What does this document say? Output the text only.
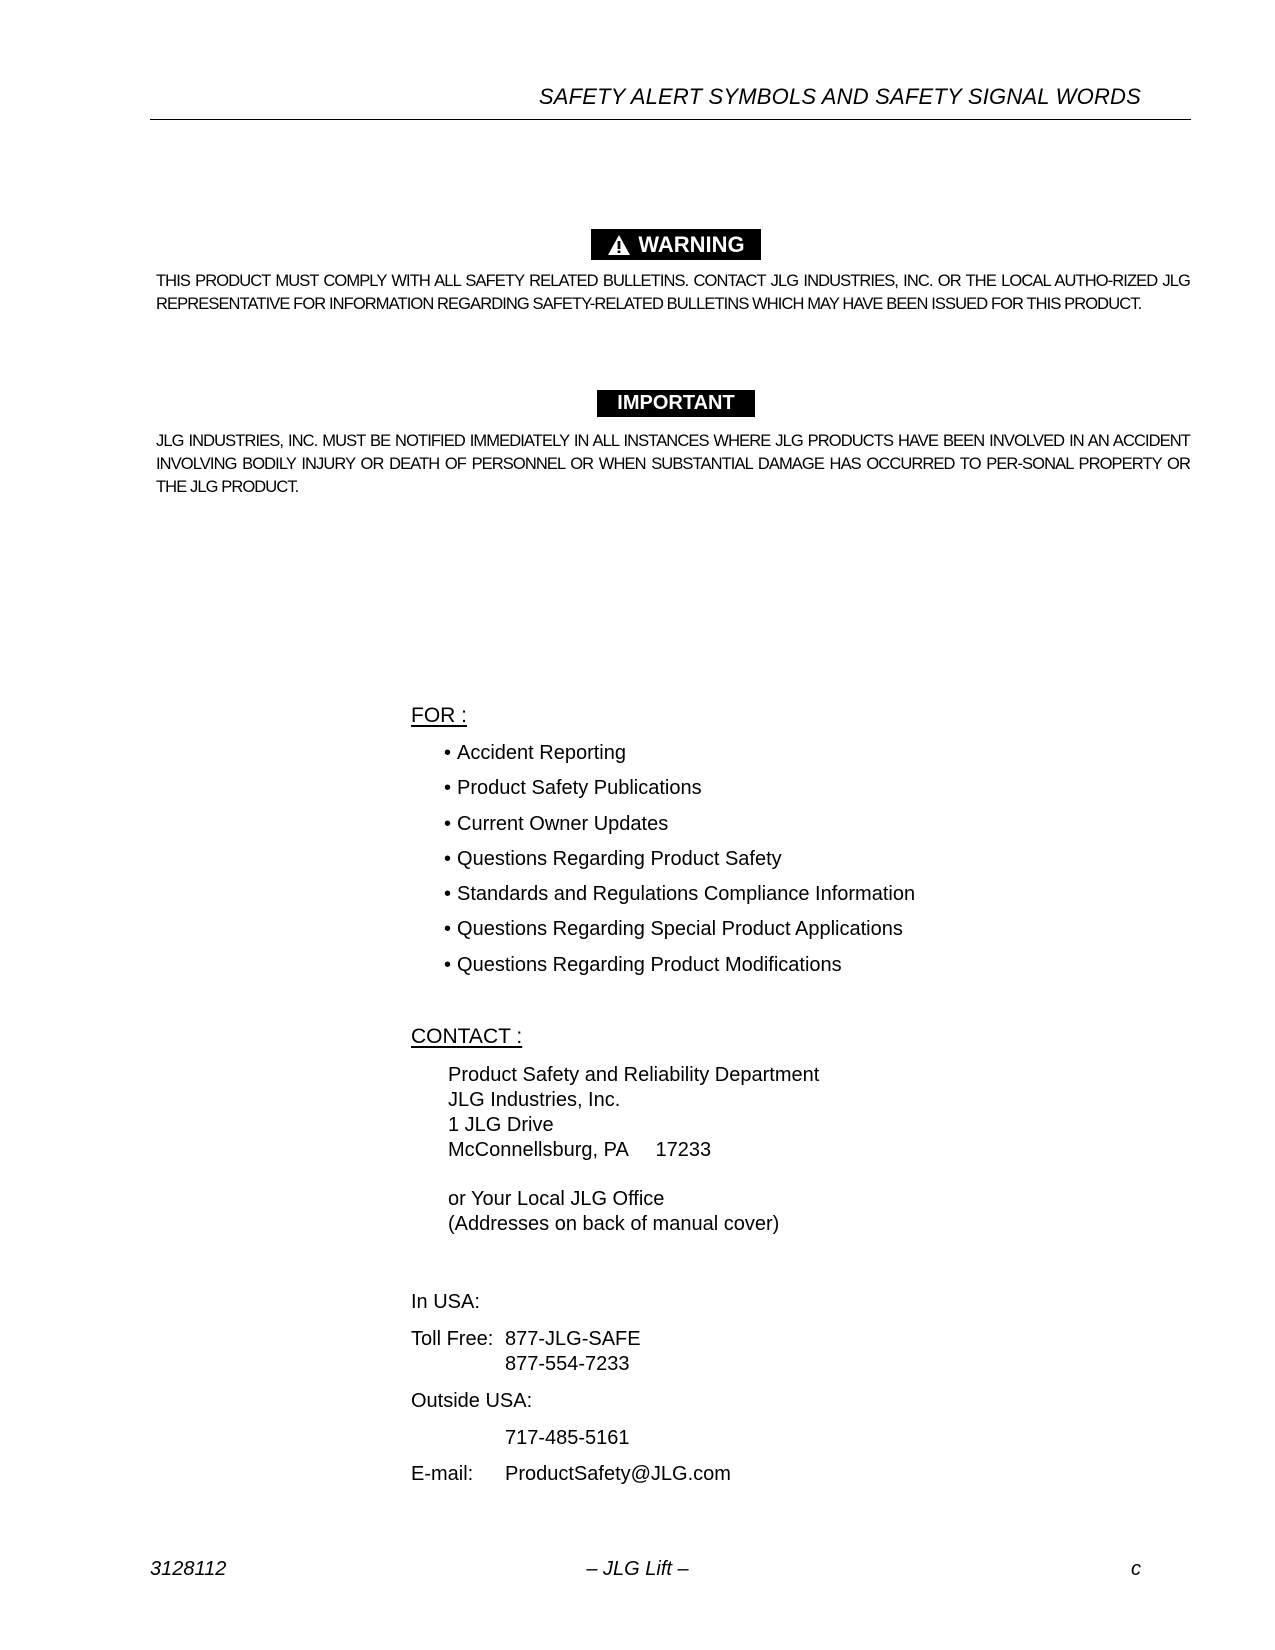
SAFETY ALERT SYMBOLS AND SAFETY SIGNAL WORDS
WARNING

THIS PRODUCT MUST COMPLY WITH ALL SAFETY RELATED BULLETINS. CONTACT JLG INDUSTRIES, INC. OR THE LOCAL AUTHO-RIZED JLG REPRESENTATIVE FOR INFORMATION REGARDING SAFETY-RELATED BULLETINS WHICH MAY HAVE BEEN ISSUED FOR THIS PRODUCT.

IMPORTANT

JLG INDUSTRIES, INC. MUST BE NOTIFIED IMMEDIATELY IN ALL INSTANCES WHERE JLG PRODUCTS HAVE BEEN INVOLVED IN AN ACCIDENT INVOLVING BODILY INJURY OR DEATH OF PERSONNEL OR WHEN SUBSTANTIAL DAMAGE HAS OCCURRED TO PER-SONAL PROPERTY OR THE JLG PRODUCT.

FOR :
• Accident Reporting
• Product Safety Publications
• Current Owner Updates
• Questions Regarding Product Safety
• Standards and Regulations Compliance Information
• Questions Regarding Special Product Applications
• Questions Regarding Product Modifications
CONTACT :
Product Safety and Reliability Department
JLG Industries, Inc.
1 JLG Drive
McConnellsburg, PA     17233
or Your Local JLG Office
(Addresses on back of manual cover)
In USA:
Toll Free: 877-JLG-SAFE
877-554-7233
Outside USA:
717-485-5161
E-mail: ProductSafety@JLG.com
3128112	– JLG Lift –	c
